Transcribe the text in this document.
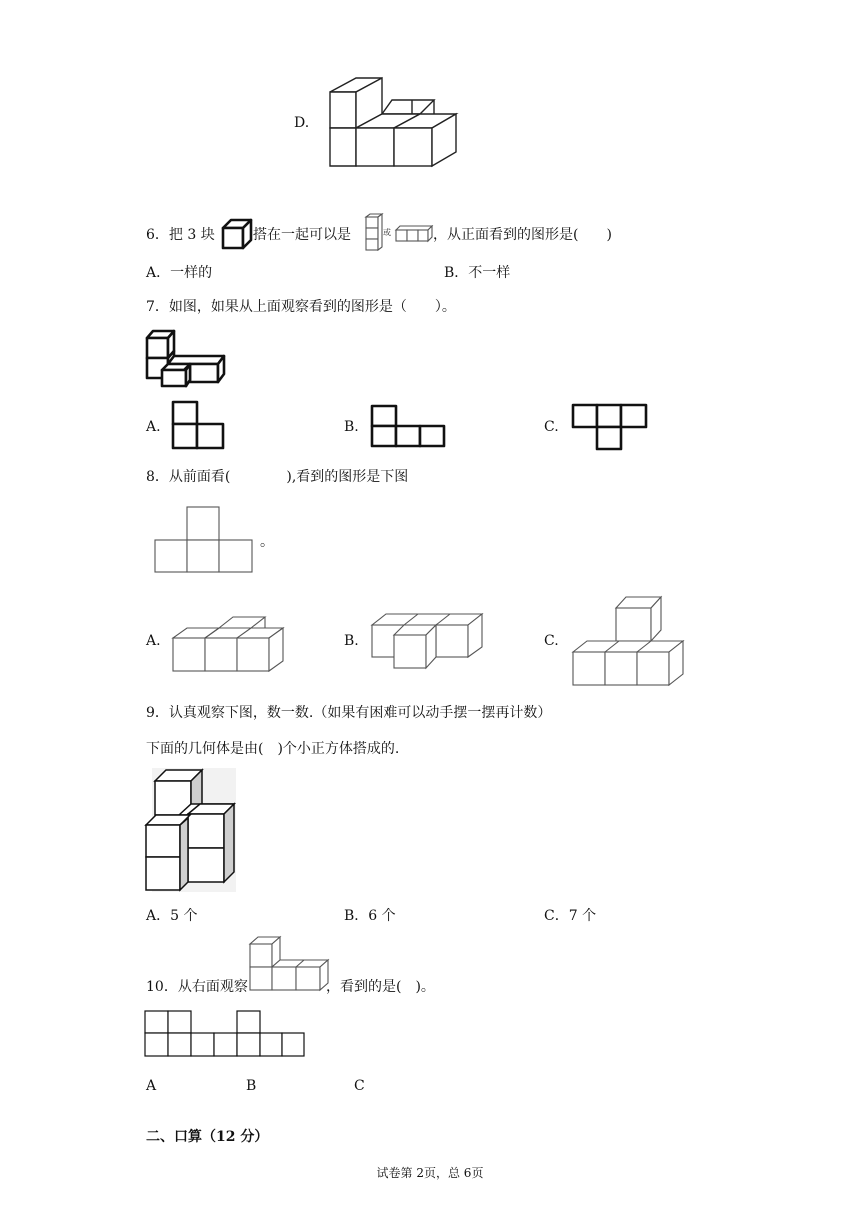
D.
6．把 3 块	搭在一起可以是	或	，从正面看到的图形是(　　)
A．一样的	B．不一样
7．如图，如果从上面观察看到的图形是（　　）。
A.	B.	C.
8．从前面看(　　　　),看到的图形是下图
。
A.	B.	C.
9．认真观察下图，数一数.（如果有困难可以动手摆一摆再计数）
下面的几何体是由(　)个小正方体搭成的.
A．5 个	B．6 个	C．7 个
10．从右面观察	，看到的是(　)。
A	B	C
二、口算（12 分）
试卷第 2页，总 6页
